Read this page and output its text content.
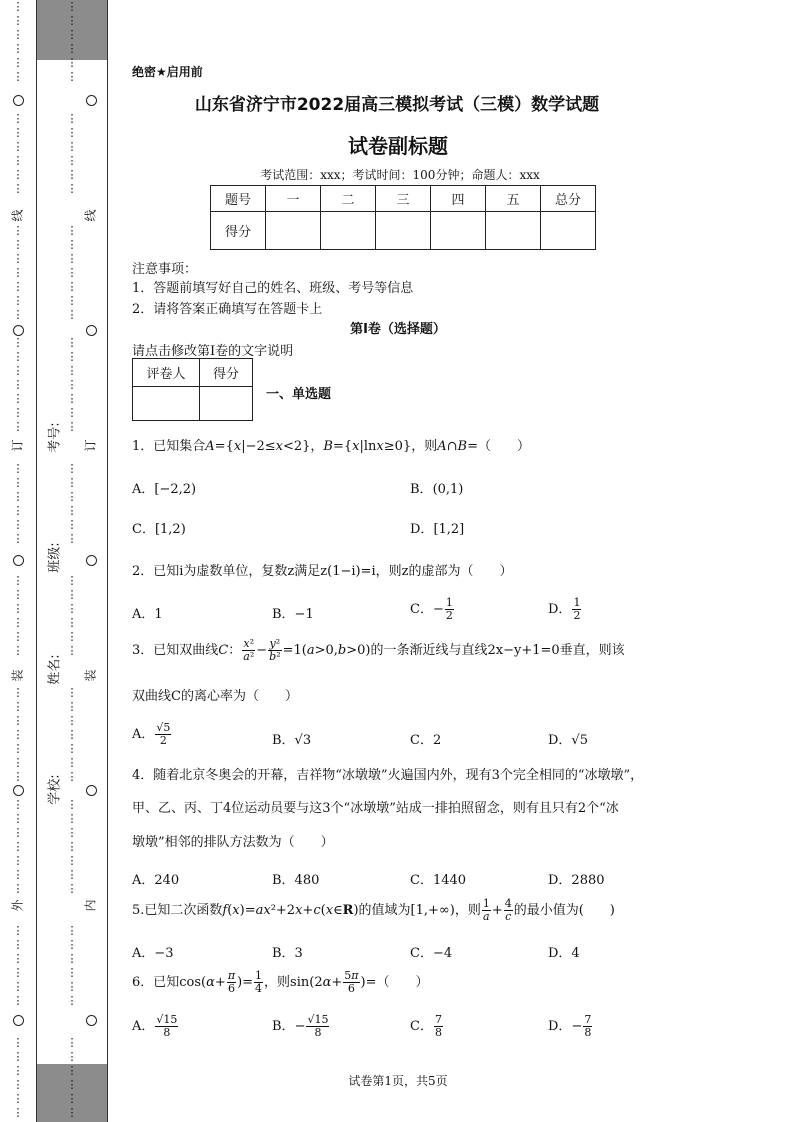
⋮
⋮
⋮
⋮
⋮
⋮
⋮
⋮
⋮
⋮
⋮
⋮
⋮
⋮
⋮
⋮
⋮
⋮
⋮
⋮
⋮
⋮
⋮
⋮
⋮
⋮
⋮
⋮
⋮
⋮
⋮
⋮
⋮
⋮
⋮
⋮
⋮
⋮
⋮
⋮
⋮
⋮
⋮
⋮
⋮
⋮
⋮
⋮
⋮
⋮
⋮
⋮
⋮
⋮
⋮
⋮
⋮
⋮
⋮
⋮
⋮
⋮
⋮
⋮
线
订
装
外
⋮
⋮
⋮
⋮
⋮
⋮
⋮
⋮
⋮
⋮
⋮
⋮
⋮
⋮
⋮
⋮
⋮
⋮
⋮
⋮
⋮
⋮
⋮
⋮
⋮
⋮
⋮
⋮
⋮
⋮
⋮
⋮
⋮
⋮
⋮
⋮
⋮
⋮
⋮
⋮
⋮
⋮
⋮
⋮
⋮
⋮
⋮
⋮
⋮
⋮
⋮
⋮
⋮
⋮
⋮
⋮
⋮
⋮
⋮
⋮
⋮
⋮
⋮
⋮
线
订
装
内
考号:
班级:
姓名:
学校:
绝密★启用前
山东省济宁市2022届高三模拟考试（三模）数学试题
试卷副标题
考试范围：xxx；考试时间：100分钟；命题人：xxx
题号	一	二	三	四	五	总分
得分						
注意事项：
1．答题前填写好自己的姓名、班级、考号等信息
2．请将答案正确填写在答题卡上
第I卷（选择题）
请点击修改第I卷的文字说明
评卷人	得分

一、单选题
1．已知集合A={x|−2≤x<2}，B={x|lnx≥0}，则A∩B=（　　）
A．[−2,2)	B．(0,1)
C．[1,2)	D．[1,2]
2．已知i为虚数单位，复数z满足z(1−i)=i，则z的虚部为（　　）
A．1	B．−1	C．− $\frac{1}{2}$	D． $\frac{1}{2}$
3．已知双曲线C： $\frac{\text{x²}}{\text{a²}} - \frac{\text{y²}}{\text{b²}} =1(a>0,b>0)$的一条渐近线与直线2x−y+1=0垂直，则该
双曲线C的离心率为（　　）
A． $\frac{√5}{2}$	B．√3	C．2	D．√5
4．随着北京冬奥会的开幕，吉祥物“冰墩墩”火遍国内外，现有3个完全相同的“冰墩墩”，
甲、乙、丙、丁4位运动员要与这3个“冰墩墩”站成一排拍照留念，则有且只有2个“冰
墩墩”相邻的排队方法数为（　　）
A．240	B．480	C．1440	D．2880
5.已知二次函数f(x)=ax²+2x+c(x∈R)的值域为[1,+∞)，则 $\frac{1}{a} + \frac{4}{c}$ 的最小值为(　　)
A．−3	B．3	C．−4	D．4
6．已知$\cos(\alpha+ \frac{\pi}{6}$ )= $\frac{1}{4}$ ，则$\sin(2\alpha+ \frac{5\pi}{6}$ )=（　　）
A． $\frac{√15}{8}$	B．− $\frac{√15}{8}$	C． $\frac{7}{8}$	D．− $\frac{7}{8}$
试卷第1页，共5页
